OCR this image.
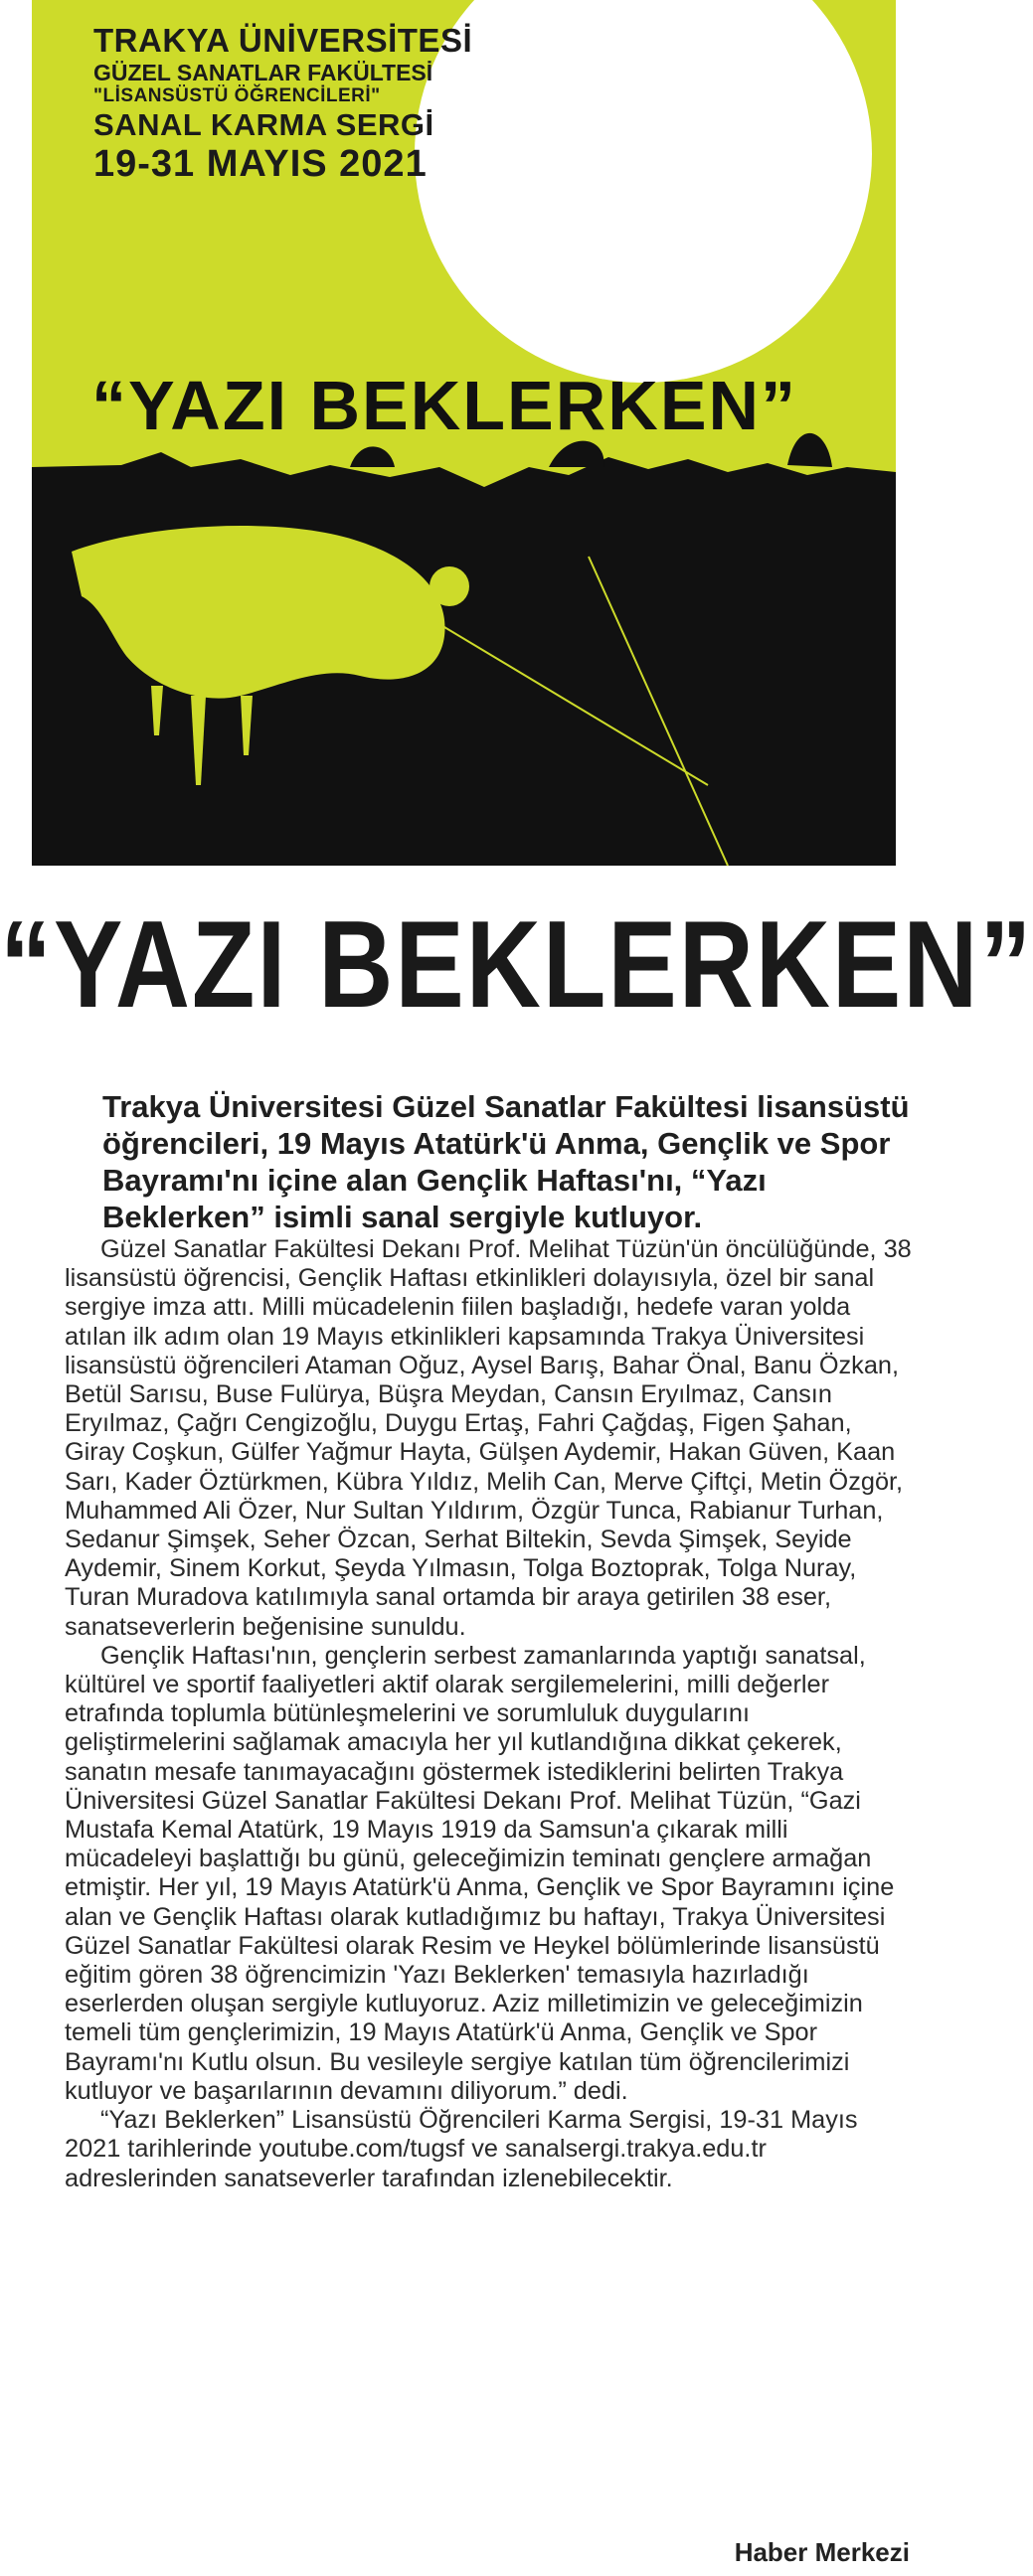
TRAKYA ÜNİVERSİTESİ
GÜZEL SANATLAR FAKÜLTESİ
"LİSANSÜSTÜ ÖĞRENCİLERİ"
SANAL KARMA SERGİ
19-31 MAYIS 2021
“YAZI BEKLERKEN”
“YAZI BEKLERKEN”

Trakya Üniversitesi Güzel Sanatlar Fakültesi lisansüstü öğrencileri, 19 Mayıs Atatürk'ü Anma, Gençlik ve Spor Bayramı'nı içine alan Gençlik Haftası'nı, “Yazı Beklerken” isimli sanal sergiyle kutluyor.

Güzel Sanatlar Fakültesi Dekanı Prof. Melihat Tüzün'ün öncülüğünde, 38 lisansüstü öğrencisi, Gençlik Haftası etkinlikleri dolayısıyla, özel bir sanal sergiye imza attı. Milli mücadelenin fiilen başladığı, hedefe varan yolda atılan ilk adım olan 19 Mayıs etkinlikleri kapsamında Trakya Üniversitesi lisansüstü öğrencileri Ataman Oğuz, Aysel Barış, Bahar Önal, Banu Özkan, Betül Sarısu, Buse Fulürya, Büşra Meydan, Cansın Eryılmaz, Cansın Eryılmaz, Çağrı Cengizoğlu, Duygu Ertaş, Fahri Çağdaş, Figen Şahan, Giray Coşkun, Gülfer Yağmur Hayta, Gülşen Aydemir, Hakan Güven, Kaan Sarı, Kader Öztürkmen, Kübra Yıldız, Melih Can, Merve Çiftçi, Metin Özgör, Muhammed Ali Özer, Nur Sultan Yıldırım, Özgür Tunca, Rabianur Turhan, Sedanur Şimşek, Seher Özcan, Serhat Biltekin, Sevda Şimşek, Seyide Aydemir, Sinem Korkut, Şeyda Yılmasın, Tolga Boztoprak, Tolga Nuray, Turan Muradova katılımıyla sanal ortamda bir araya getirilen 38 eser, sanatseverlerin beğenisine sunuldu.

Gençlik Haftası'nın, gençlerin serbest zamanlarında yaptığı sanatsal, kültürel ve sportif faaliyetleri aktif olarak sergilemelerini, milli değerler etrafında toplumla bütünleşmelerini ve sorumluluk duygularını geliştirmelerini sağlamak amacıyla her yıl kutlandığına dikkat çekerek, sanatın mesafe tanımayacağını göstermek istediklerini belirten Trakya Üniversitesi Güzel Sanatlar Fakültesi Dekanı Prof. Melihat Tüzün, “Gazi Mustafa Kemal Atatürk, 19 Mayıs 1919 da Samsun'a çıkarak milli mücadeleyi başlattığı bu günü, geleceğimizin teminatı gençlere armağan etmiştir. Her yıl, 19 Mayıs Atatürk'ü Anma, Gençlik ve Spor Bayramını içine alan ve Gençlik Haftası olarak kutladığımız bu haftayı, Trakya Üniversitesi Güzel Sanatlar Fakültesi olarak Resim ve Heykel bölümlerinde lisansüstü eğitim gören 38 öğrencimizin 'Yazı Beklerken' temasıyla hazırladığı eserlerden oluşan sergiyle kutluyoruz. Aziz milletimizin ve geleceğimizin temeli tüm gençlerimizin, 19 Mayıs Atatürk'ü Anma, Gençlik ve Spor Bayramı'nı Kutlu olsun. Bu vesileyle sergiye katılan tüm öğrencilerimizi kutluyor ve başarılarının devamını diliyorum.” dedi.

“Yazı Beklerken” Lisansüstü Öğrencileri Karma Sergisi, 19-31 Mayıs 2021 tarihlerinde youtube.com/tugsf ve sanalsergi.trakya.edu.tr adreslerinden sanatseverler tarafından izlenebilecektir.

Haber Merkezi
